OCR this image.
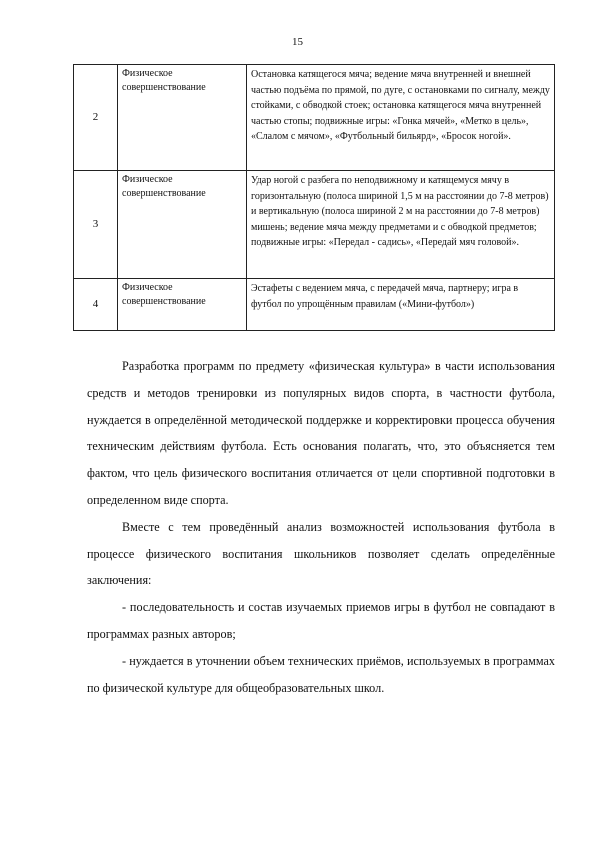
15
2	Физическое совершенствование	Остановка катящегося мяча; ведение мяча внутренней и внешней частью подъёма по прямой, по дуге, с остановками по сигналу, между стойками, с обводкой стоек; остановка катящегося мяча внутренней частью стопы; подвижные игры: «Гонка мячей», «Метко в цель», «Слалом с мячом», «Футбольный бильярд», «Бросок ногой».
3	Физическое совершенствование	Удар ногой с разбега по неподвижному и катящемуся мячу в горизонтальную (полоса шириной 1,5 м на расстоянии до 7-8 метров) и вертикальную (полоса шириной 2 м на расстоянии до 7-8 метров) мишень; ведение мяча между предметами и с обводкой предметов; подвижные игры: «Передал - садись», «Передай мяч головой».
4	Физическое совершенствование	Эстафеты с ведением мяча, с передачей мяча, партнеру; игра в футбол по упрощённым правилам («Мини-футбол»)

Разработка программ по предмету «физическая культура» в части использования средств и методов тренировки из популярных видов спорта, в частности футбола, нуждается в определённой методической поддержке и корректировки процесса обучения техническим действиям футбола. Есть основания полагать, что, это объясняется тем фактом, что цель физического воспитания отличается от цели спортивной подготовки в определенном виде спорта.

Вместе с тем проведённый анализ возможностей использования футбола в процессе физического воспитания школьников позволяет сделать определённые заключения:

- последовательность и состав изучаемых приемов игры в футбол не совпадают в программах разных авторов;

- нуждается в уточнении объем технических приёмов, используемых в программах по физической культуре для общеобразовательных школ.
